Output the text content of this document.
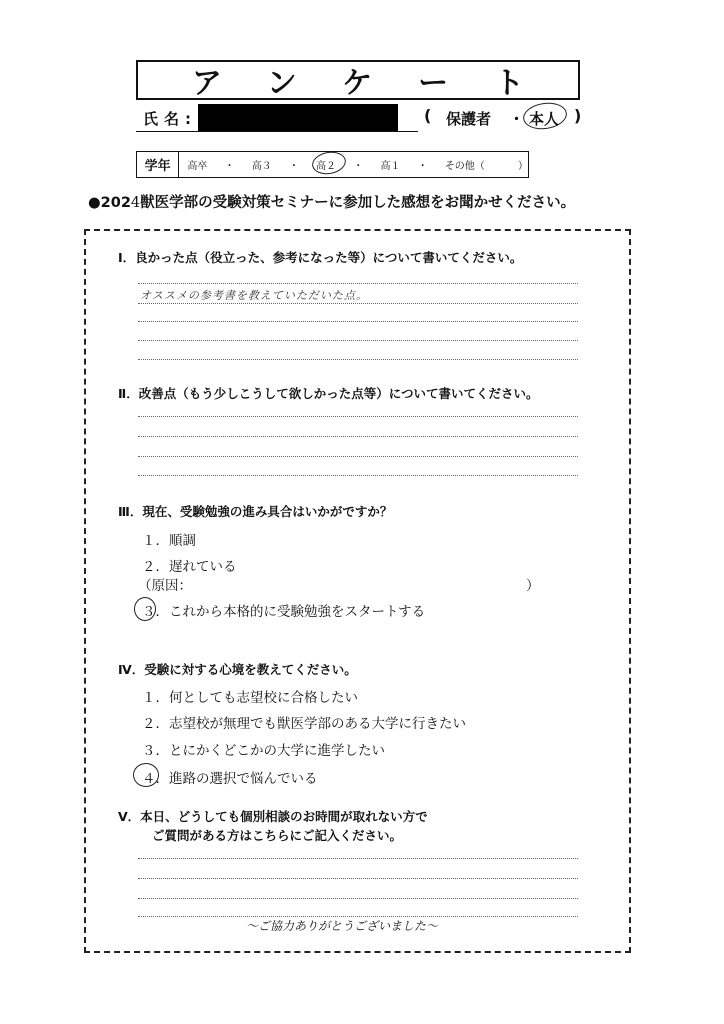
アンケート
氏名:	( 保護者 ・ 本人 )
学年	高卒 ・ 高３ ・ 高２ ・ 高１ ・ その他（	）
●2024獣医学部の受験対策セミナーに参加した感想をお聞かせください。
Ⅰ．良かった点（役立った、参考になった等）について書いてください。
オススメの参考書を教えていただいた点。
Ⅱ．改善点（もう少しこうして欲しかった点等）について書いてください。
Ⅲ．現在、受験勉強の進み具合はいかがですか？
１．順調
２．遅れている
（原因：	）
３．これから本格的に受験勉強をスタートする
Ⅳ．受験に対する心境を教えてください。
１．何としても志望校に合格したい
２．志望校が無理でも獣医学部のある大学に行きたい
３．とにかくどこかの大学に進学したい
４．進路の選択で悩んでいる
Ⅴ．本日、どうしても個別相談のお時間が取れない方で
ご質問がある方はこちらにご記入ください。
～ご協力ありがとうございました～
